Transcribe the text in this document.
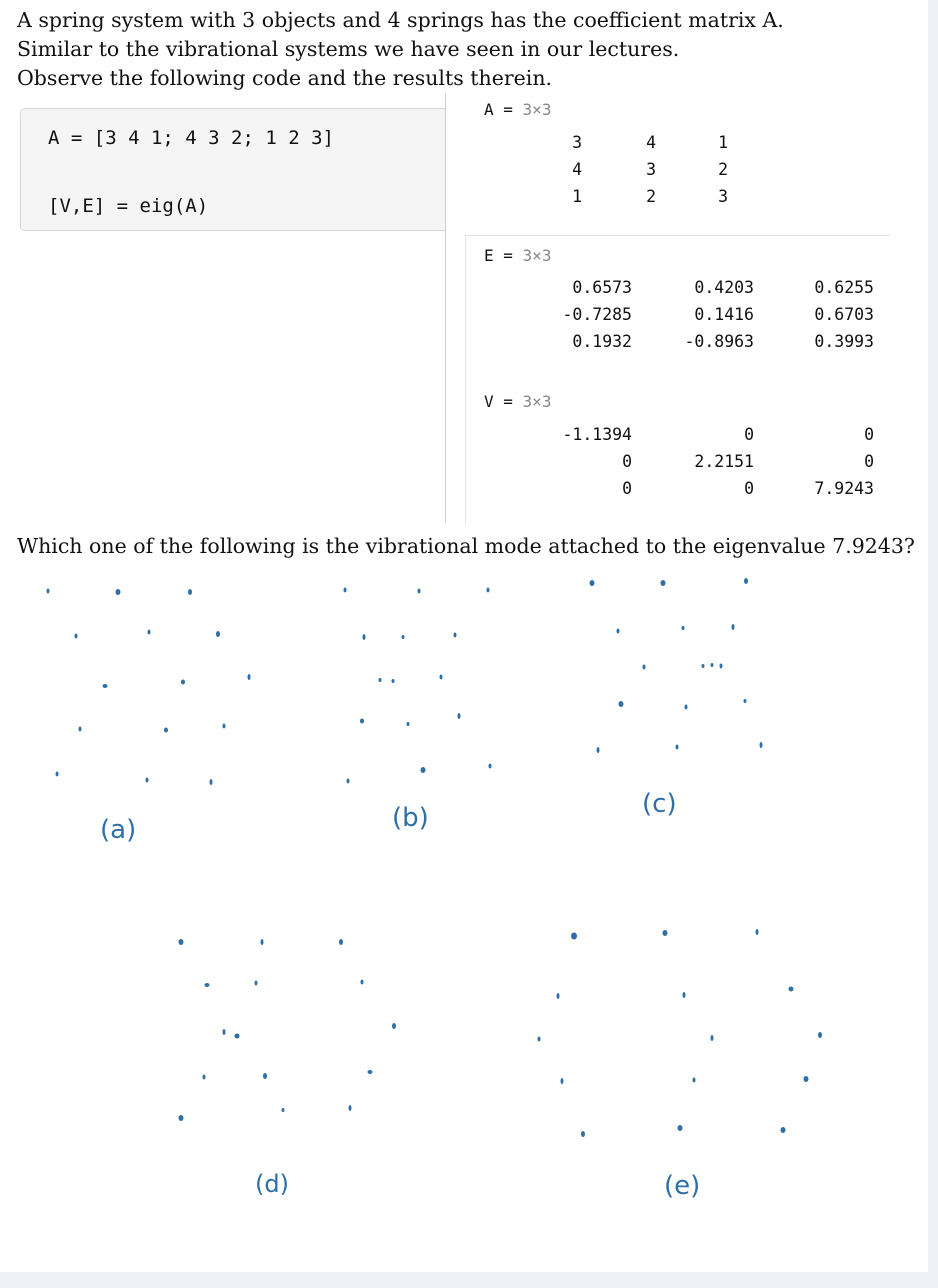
A spring system with 3 objects and 4 springs has the coefficient matrix A.
Similar to the vibrational systems we have seen in our lectures.
Observe the following code and the results therein.
A = [3 4 1; 4 3 2; 1 2 3]
[V,E] = eig(A)
A = 3×3
3	4	1
4	3	2
1	2	3
E = 3×3
0.6573	0.4203	0.6255
-0.7285	0.1416	0.6703
0.1932	-0.8963	0.3993
V = 3×3
-1.1394	0	0
0	2.2151	0
0	0	7.9243
Which one of the following is the vibrational mode attached to the eigenvalue 7.9243?
(a)	(b)	(c)
(d)	(e)
